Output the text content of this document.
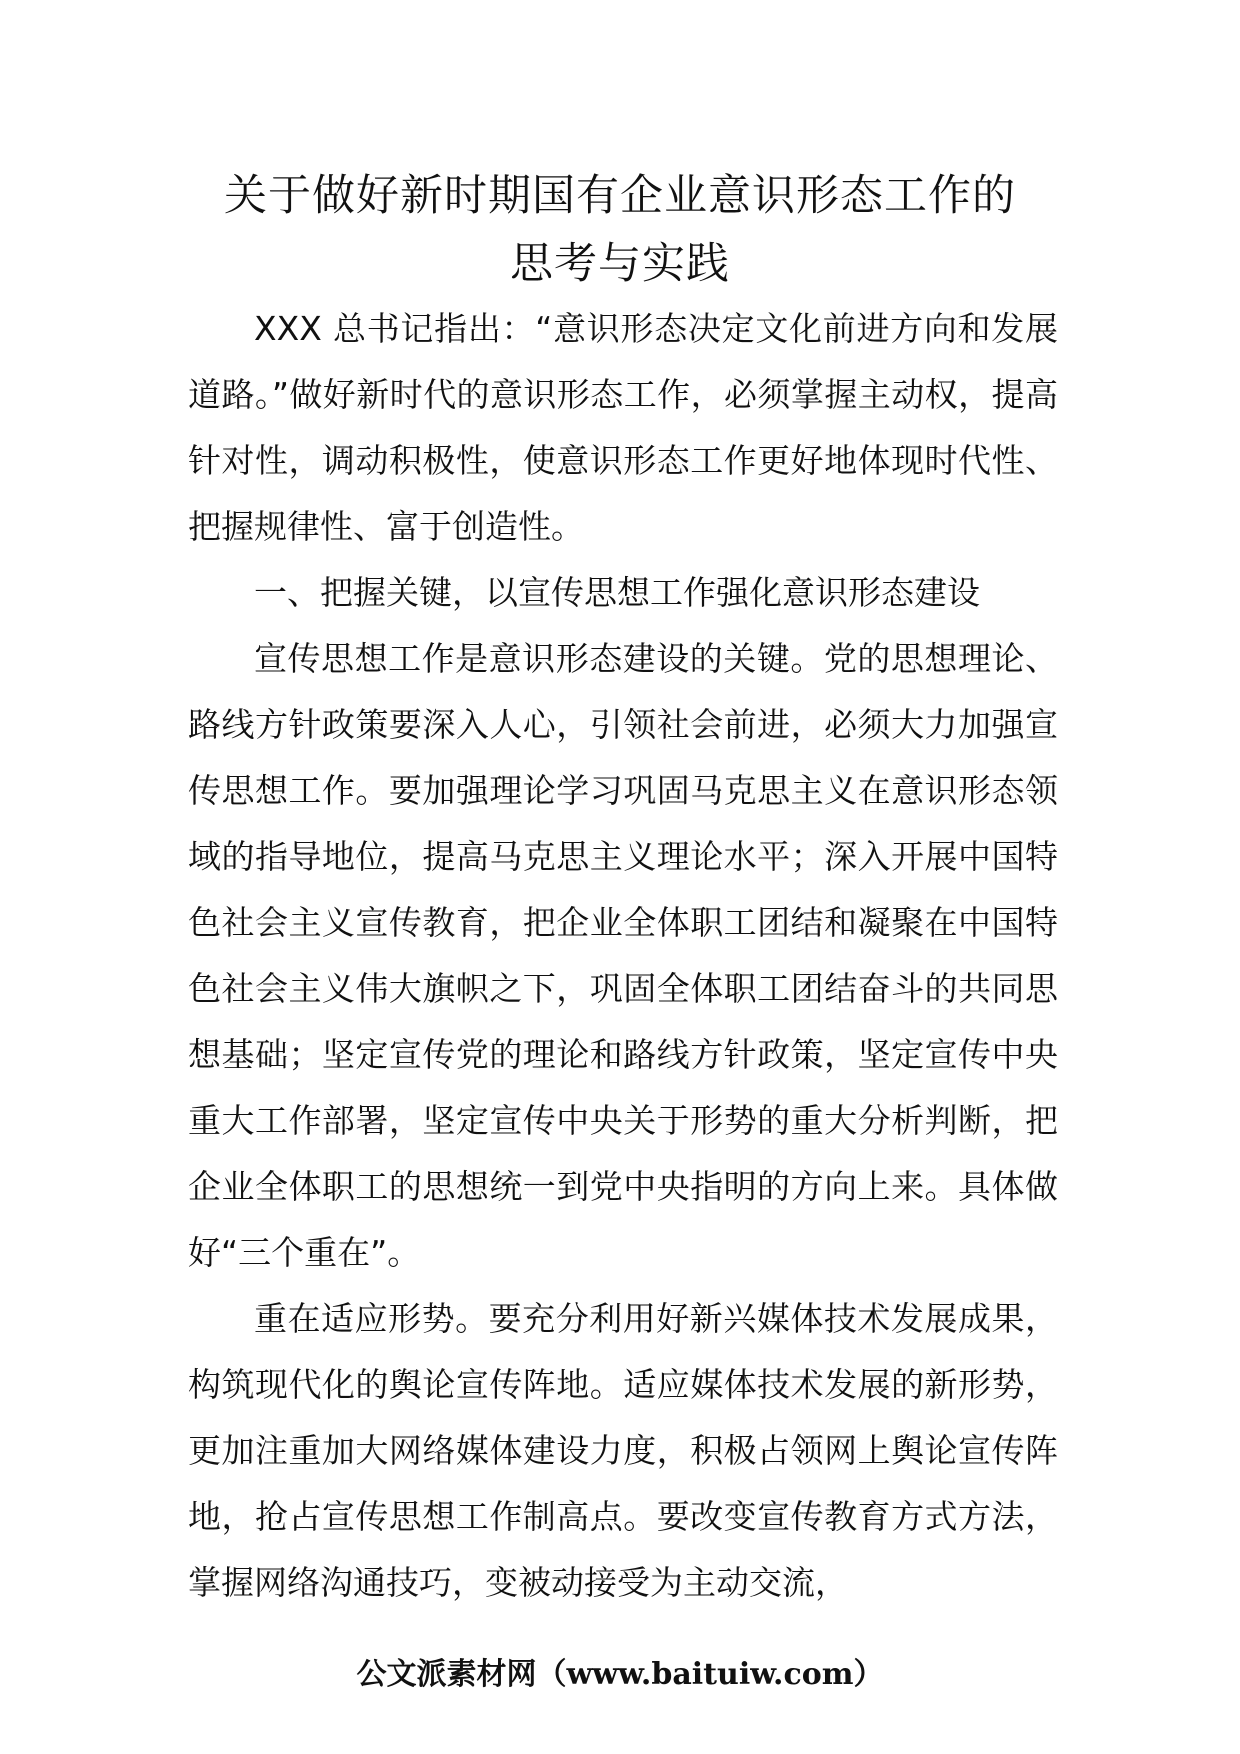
关于做好新时期国有企业意识形态工作的
思考与实践

XXX 总书记指出：“意识形态决定文化前进方向和发展道路。”做好新时代的意识形态工作，必须掌握主动权，提高针对性，调动积极性，使意识形态工作更好地体现时代性、把握规律性、富于创造性。

一、把握关键，以宣传思想工作强化意识形态建设

宣传思想工作是意识形态建设的关键。党的思想理论、路线方针政策要深入人心，引领社会前进，必须大力加强宣传思想工作。要加强理论学习巩固马克思主义在意识形态领域的指导地位，提高马克思主义理论水平；深入开展中国特色社会主义宣传教育，把企业全体职工团结和凝聚在中国特色社会主义伟大旗帜之下，巩固全体职工团结奋斗的共同思想基础；坚定宣传党的理论和路线方针政策，坚定宣传中央重大工作部署，坚定宣传中央关于形势的重大分析判断，把企业全体职工的思想统一到党中央指明的方向上来。具体做好“三个重在”。

重在适应形势。要充分利用好新兴媒体技术发展成果，构筑现代化的舆论宣传阵地。适应媒体技术发展的新形势，更加注重加大网络媒体建设力度，积极占领网上舆论宣传阵地，抢占宣传思想工作制高点。要改变宣传教育方式方法，掌握网络沟通技巧，变被动接受为主动交流，

公文派素材网（www.baituiw.com）
